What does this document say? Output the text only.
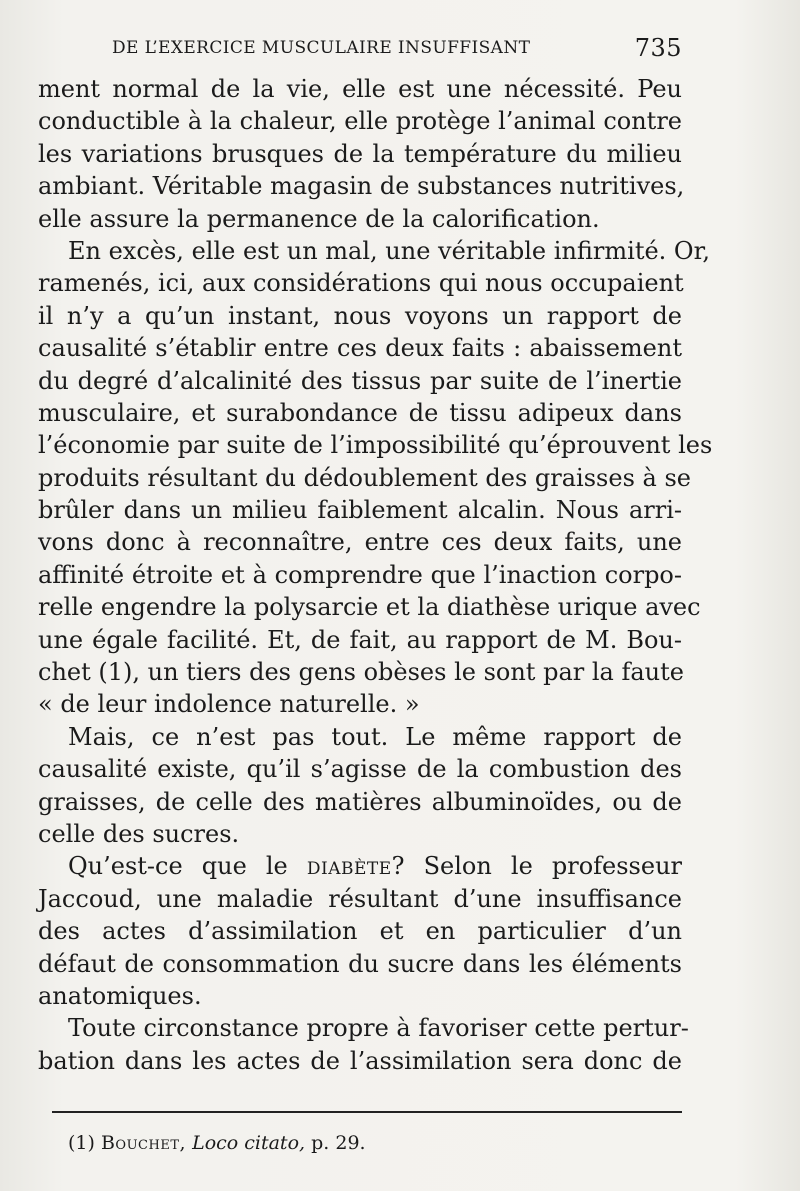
DE L’EXERCICE MUSCULAIRE INSUFFISANT	735
ment normal de la vie, elle est une nécessité. Peu
conductible à la chaleur, elle protège l’animal contre
les variations brusques de la température du milieu
ambiant. Véritable magasin de substances nutritives,
elle assure la permanence de la calorification.
En excès, elle est un mal, une véritable infirmité. Or,
ramenés, ici, aux considérations qui nous occupaient
il n’y a qu’un instant, nous voyons un rapport de
causalité s’établir entre ces deux faits : abaissement
du degré d’alcalinité des tissus par suite de l’inertie
musculaire, et surabondance de tissu adipeux dans
l’économie par suite de l’impossibilité qu’éprouvent les
produits résultant du dédoublement des graisses à se
brûler dans un milieu faiblement alcalin. Nous arri-
vons donc à reconnaître, entre ces deux faits, une
affinité étroite et à comprendre que l’inaction corpo-
relle engendre la polysarcie et la diathèse urique avec
une égale facilité. Et, de fait, au rapport de M. Bou-
chet (1), un tiers des gens obèses le sont par la faute
« de leur indolence naturelle. »
Mais, ce n’est pas tout. Le même rapport de
causalité existe, qu’il s’agisse de la combustion des
graisses, de celle des matières albuminoïdes, ou de
celle des sucres.
Qu’est-ce que le diabète? Selon le professeur
Jaccoud, une maladie résultant d’une insuffisance
des actes d’assimilation et en particulier d’un
défaut de consommation du sucre dans les éléments
anatomiques.
Toute circonstance propre à favoriser cette pertur-
bation dans les actes de l’assimilation sera donc de
(1) Bouchet, Loco citato, p. 29.
